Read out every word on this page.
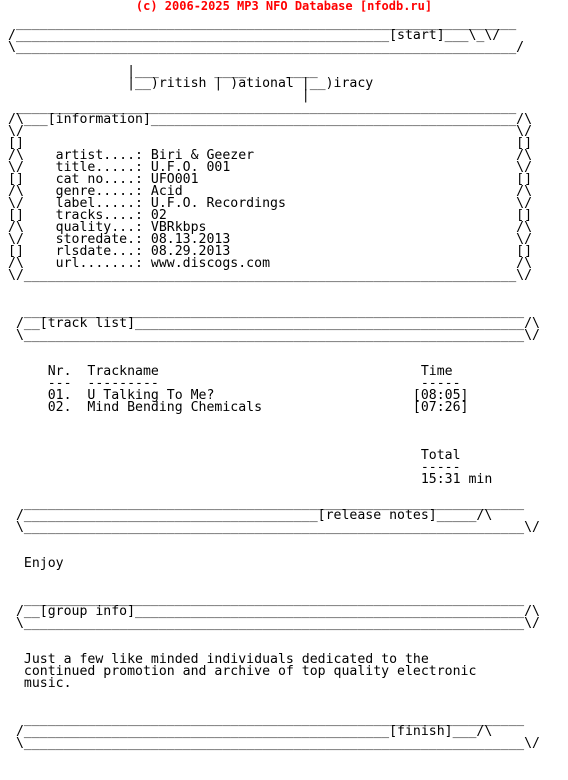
(c) 2006-2025 MP3 NFO Database [nfodb.ru]
_______________________________________________________________
/_______________________________________________[start]___\_\/
\_______________________________________________________________/

|___       ____     ____
|__)ritish | )ational |__)iracy
|
_______________________________________________________________
/\___[information]______________________________________________/\
\/                                                              \/
[]                                                              []
/\    artist....: Biri & Geezer                                 /\
\/    title.....: U.F.O. 001                                    \/
[]    cat no....: UFO001                                        []
/\    genre.....: Acid                                          /\
\/    label.....: U.F.O. Recordings                             \/
[]    tracks....: 02                                            []
/\    quality...: VBRkbps                                       /\
\/    storedate.: 08.13.2013                                    \/
[]    rlsdate...: 08.29.2013                                    []
/\    url.......: www.discogs.com                               /\
\/______________________________________________________________\/

_______________________________________________________________
/__[track list]_________________________________________________/\
\_______________________________________________________________\/

Nr.  Trackname                                 Time
---  ---------                                 -----
01.  U Talking To Me?                         [08:05]
02.  Mind Bending Chemicals                   [07:26]

Total
-----
15:31 min

_______________________________________________________________
/_____________________________________[release notes]_____/\
\_______________________________________________________________\/

Enjoy

_______________________________________________________________
/__[group info]_________________________________________________/\
\_______________________________________________________________\/

Just a few like minded individuals dedicated to the
continued promotion and archive of top quality electronic
music.

_______________________________________________________________
/______________________________________________[finish]___/\
\_______________________________________________________________\/
